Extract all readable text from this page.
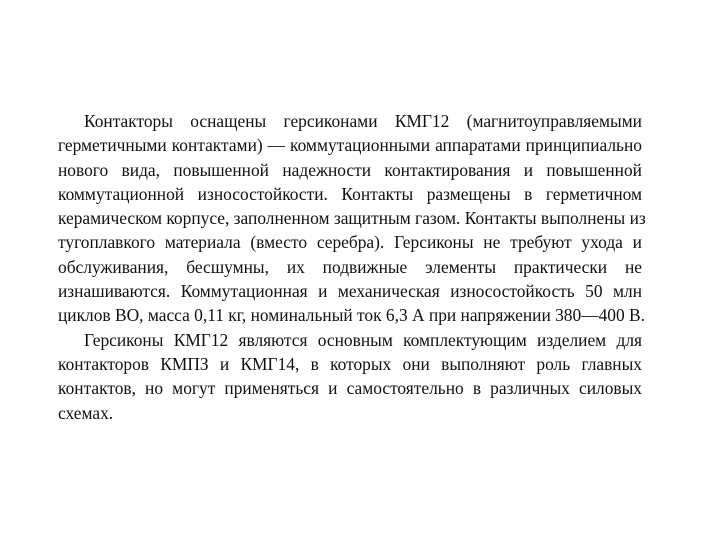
Контакторы оснащены герсиконами КМГ12 (магнитоуправляемыми
герметичными контактами) — коммутационными аппаратами принципиально
нового вида, повышенной надежности контактирования и повышенной
коммутационной износостойкости. Контакты размещены в герметичном
керамическом корпусе, заполненном защитным газом. Контакты выполнены из
тугоплавкого материала (вместо серебра). Герсиконы не требуют ухода и
обслуживания, бесшумны, их подвижные элементы практически не
изнашиваются. Коммутационная и механическая износостойкость 50 млн
циклов ВО, масса 0,11 кг, номинальный ток 6,3 А при напряжении 380—400 В.
Герсиконы КМГ12 являются основным комплектующим изделием для
контакторов КМПЗ и КМГ14, в которых они выполняют роль главных
контактов, но могут применяться и самостоятельно в различных силовых
схемах.
